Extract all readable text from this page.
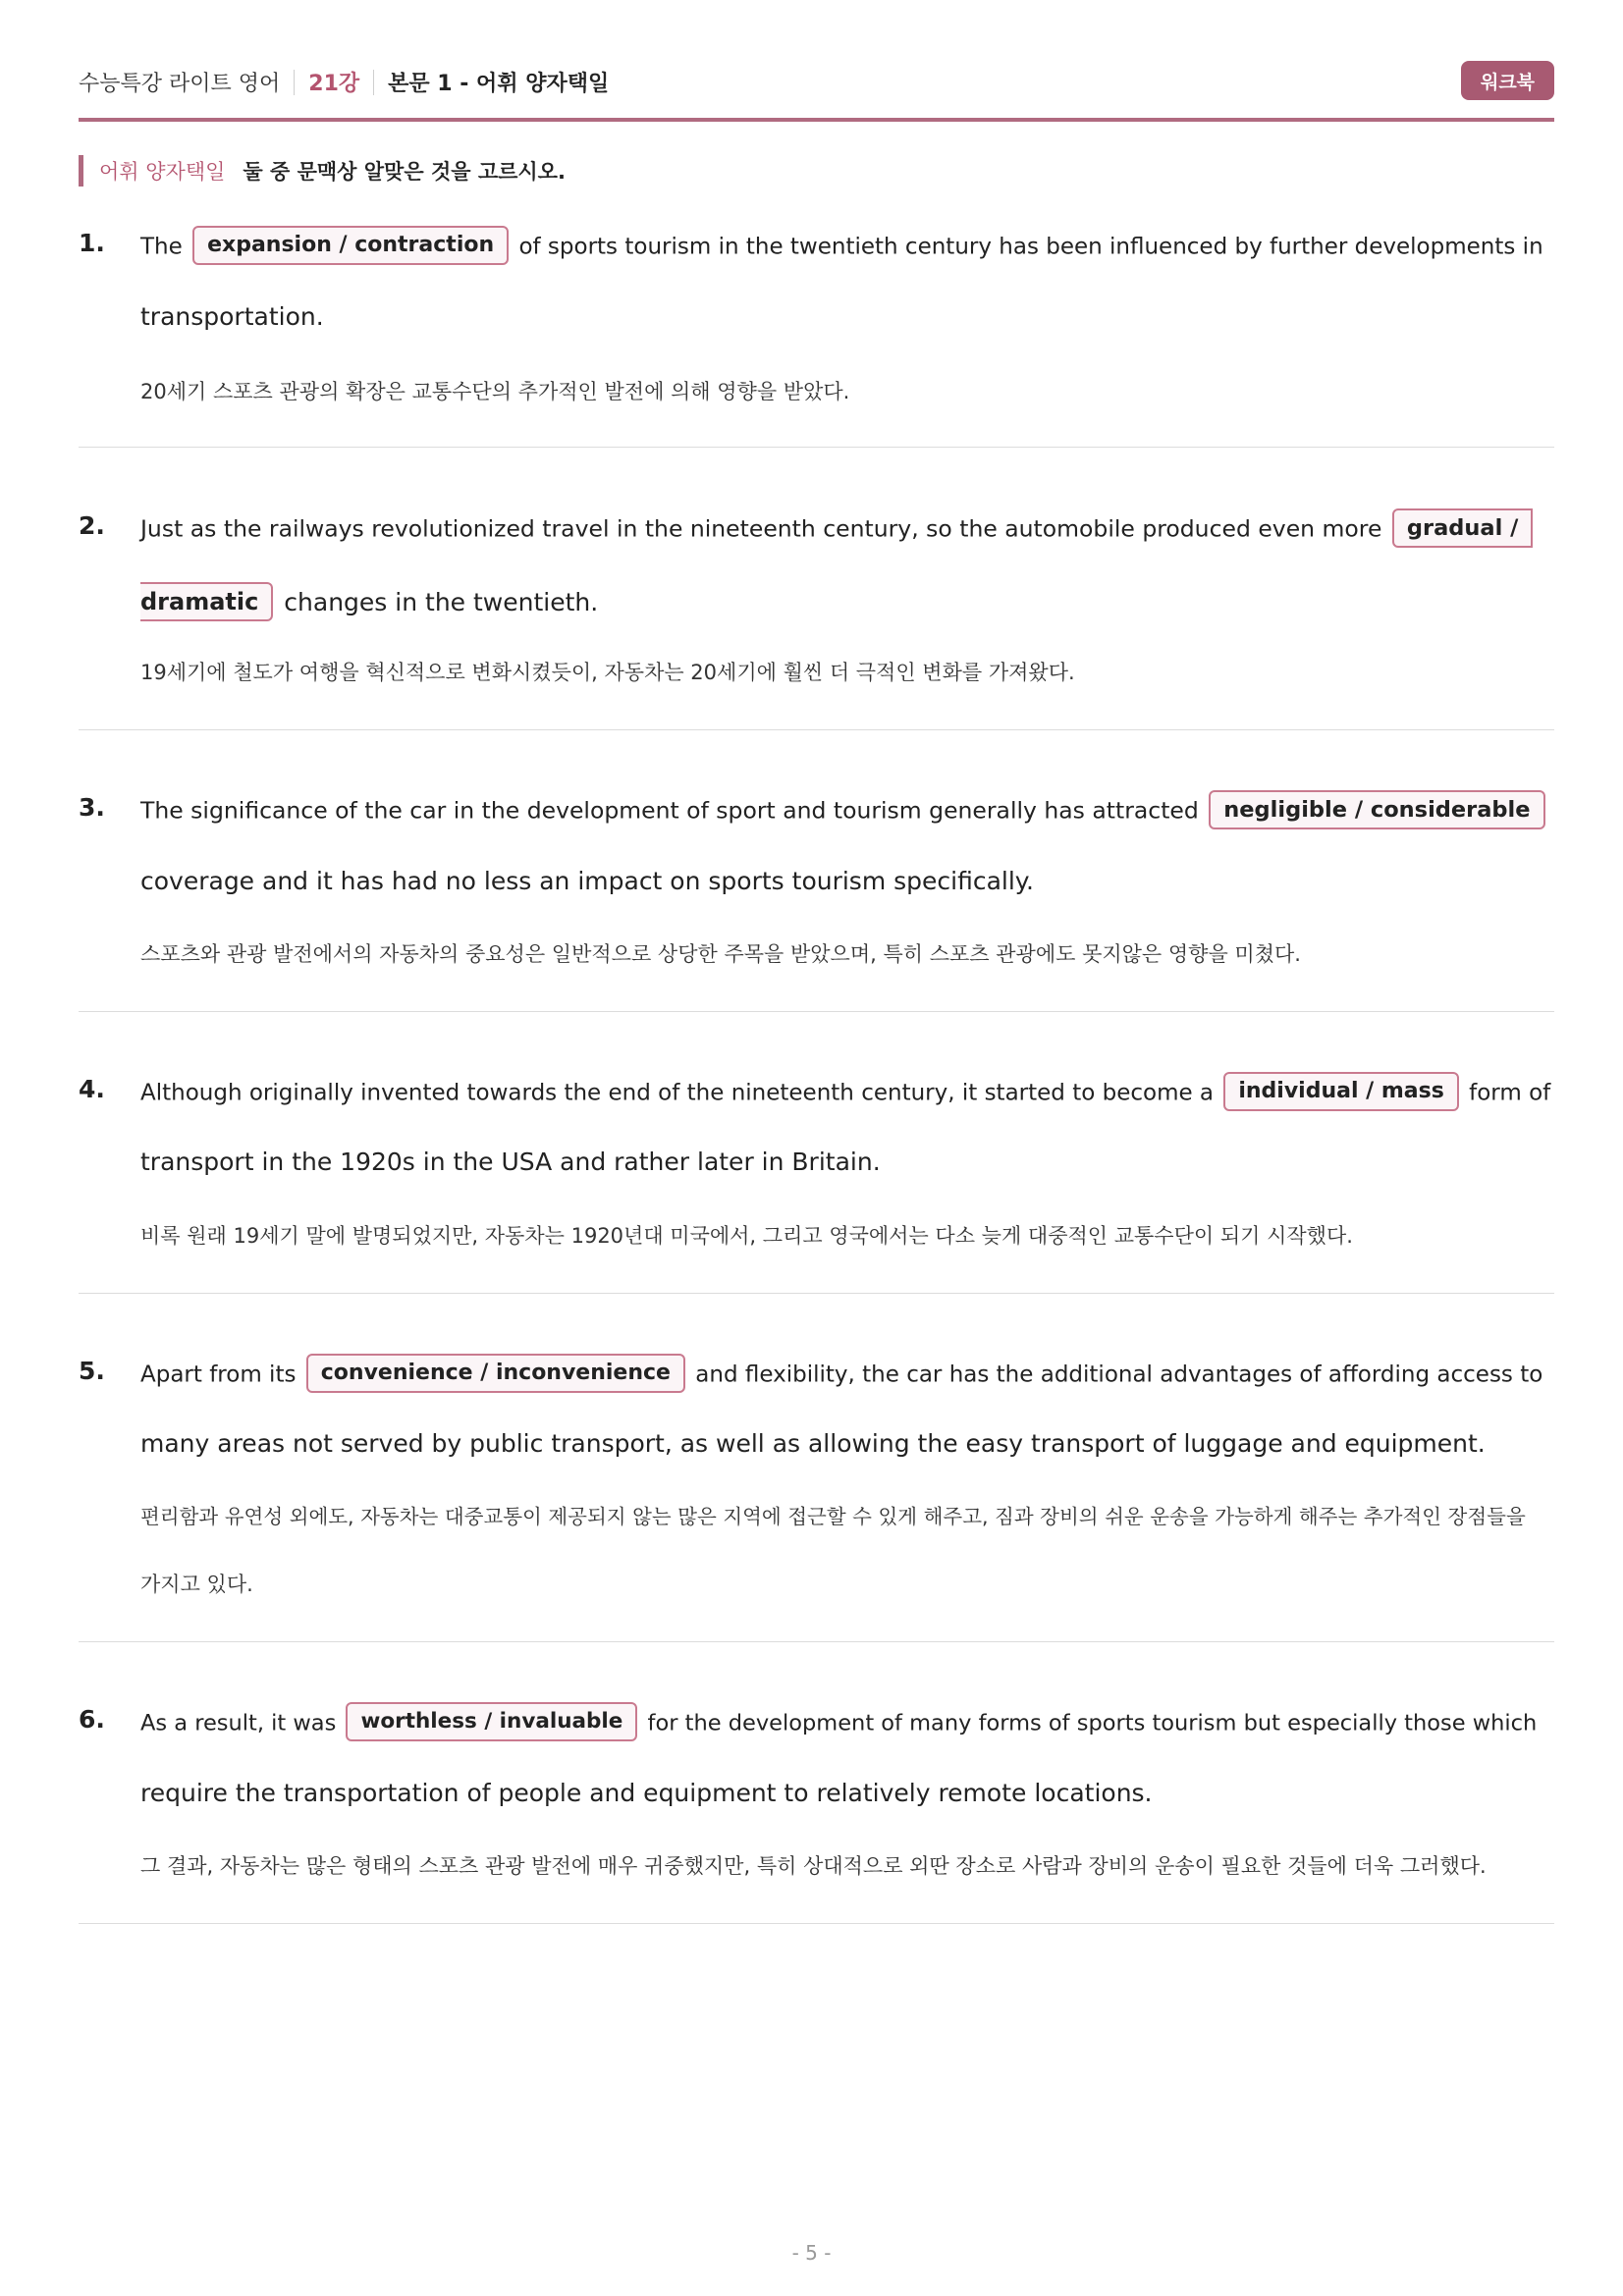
수능특강 라이트 영어 21강 본문 1 - 어휘 양자택일	워크북
어휘 양자택일 둘 중 문맥상 알맞은 것을 고르시오.
1. The expansion / contraction of sports tourism in the twentieth century has been influenced by further developments in
transportation.
20세기 스포츠 관광의 확장은 교통수단의 추가적인 발전에 의해 영향을 받았다.
2. Just as the railways revolutionized travel in the nineteenth century, so the automobile produced even more gradual /
dramatic changes in the twentieth.
19세기에 철도가 여행을 혁신적으로 변화시켰듯이, 자동차는 20세기에 훨씬 더 극적인 변화를 가져왔다.
3. The significance of the car in the development of sport and tourism generally has attracted negligible / considerable
coverage and it has had no less an impact on sports tourism specifically.
스포츠와 관광 발전에서의 자동차의 중요성은 일반적으로 상당한 주목을 받았으며, 특히 스포츠 관광에도 못지않은 영향을 미쳤다.
4. Although originally invented towards the end of the nineteenth century, it started to become a individual / mass form of
transport in the 1920s in the USA and rather later in Britain.
비록 원래 19세기 말에 발명되었지만, 자동차는 1920년대 미국에서, 그리고 영국에서는 다소 늦게 대중적인 교통수단이 되기 시작했다.
5. Apart from its convenience / inconvenience and flexibility, the car has the additional advantages of affording access to
many areas not served by public transport, as well as allowing the easy transport of luggage and equipment.
편리함과 유연성 외에도, 자동차는 대중교통이 제공되지 않는 많은 지역에 접근할 수 있게 해주고, 짐과 장비의 쉬운 운송을 가능하게 해주는 추가적인 장점들을
가지고 있다.
6. As a result, it was worthless / invaluable for the development of many forms of sports tourism but especially those which
require the transportation of people and equipment to relatively remote locations.
그 결과, 자동차는 많은 형태의 스포츠 관광 발전에 매우 귀중했지만, 특히 상대적으로 외딴 장소로 사람과 장비의 운송이 필요한 것들에 더욱 그러했다.
- 5 -
